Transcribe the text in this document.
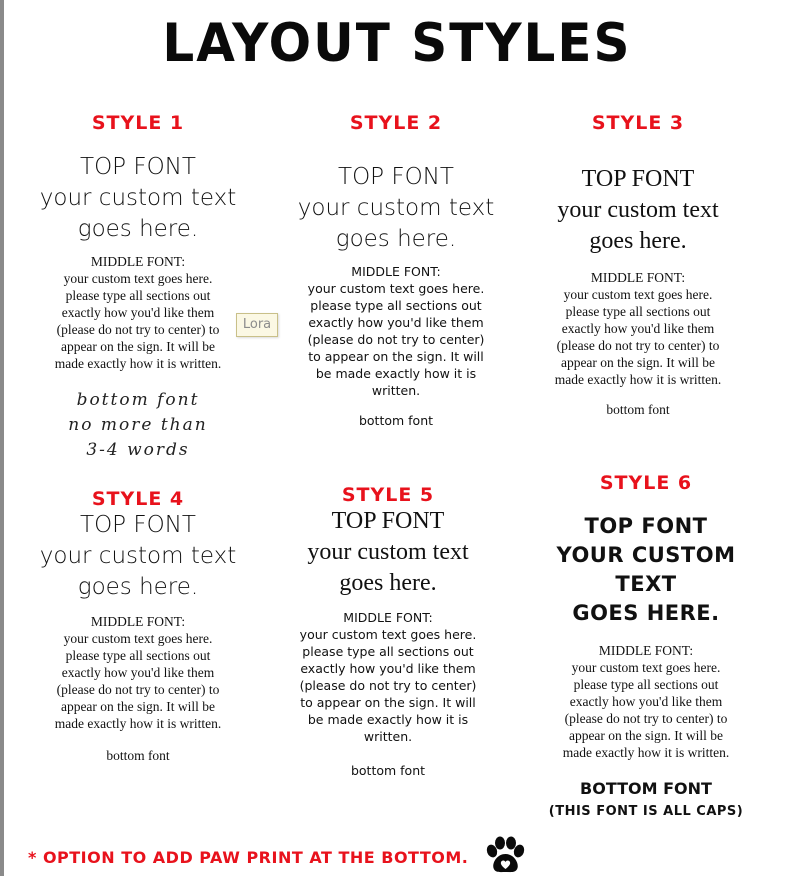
LAYOUT STYLES
STYLE 1
TOP FONT
your custom text
goes here.
MIDDLE FONT:
your custom text goes here.
please type all sections out
exactly how you'd like them
(please do not try to center) to
appear on the sign. It will be
made exactly how it is written.
bottom font
no more than
3-4 words
Lora
STYLE 2
TOP FONT
your custom text
goes here.
MIDDLE FONT:
your custom text goes here.
please type all sections out
exactly how you'd like them
(please do not try to center)
to appear on the sign. It will
be made exactly how it is
written.
bottom font
STYLE 3
TOP FONT
your custom text
goes here.
MIDDLE FONT:
your custom text goes here.
please type all sections out
exactly how you'd like them
(please do not try to center) to
appear on the sign. It will be
made exactly how it is written.
bottom font
STYLE 4
TOP FONT
your custom text
goes here.
MIDDLE FONT:
your custom text goes here.
please type all sections out
exactly how you'd like them
(please do not try to center) to
appear on the sign. It will be
made exactly how it is written.
bottom font
STYLE 5
TOP FONT
your custom text
goes here.
MIDDLE FONT:
your custom text goes here.
please type all sections out
exactly how you'd like them
(please do not try to center)
to appear on the sign. It will
be made exactly how it is
written.
bottom font
STYLE 6
TOP FONT
YOUR CUSTOM TEXT
GOES HERE.
MIDDLE FONT:
your custom text goes here.
please type all sections out
exactly how you'd like them
(please do not try to center) to
appear on the sign. It will be
made exactly how it is written.
BOTTOM FONT
(THIS FONT IS ALL CAPS)
* OPTION TO ADD PAW PRINT AT THE BOTTOM.
